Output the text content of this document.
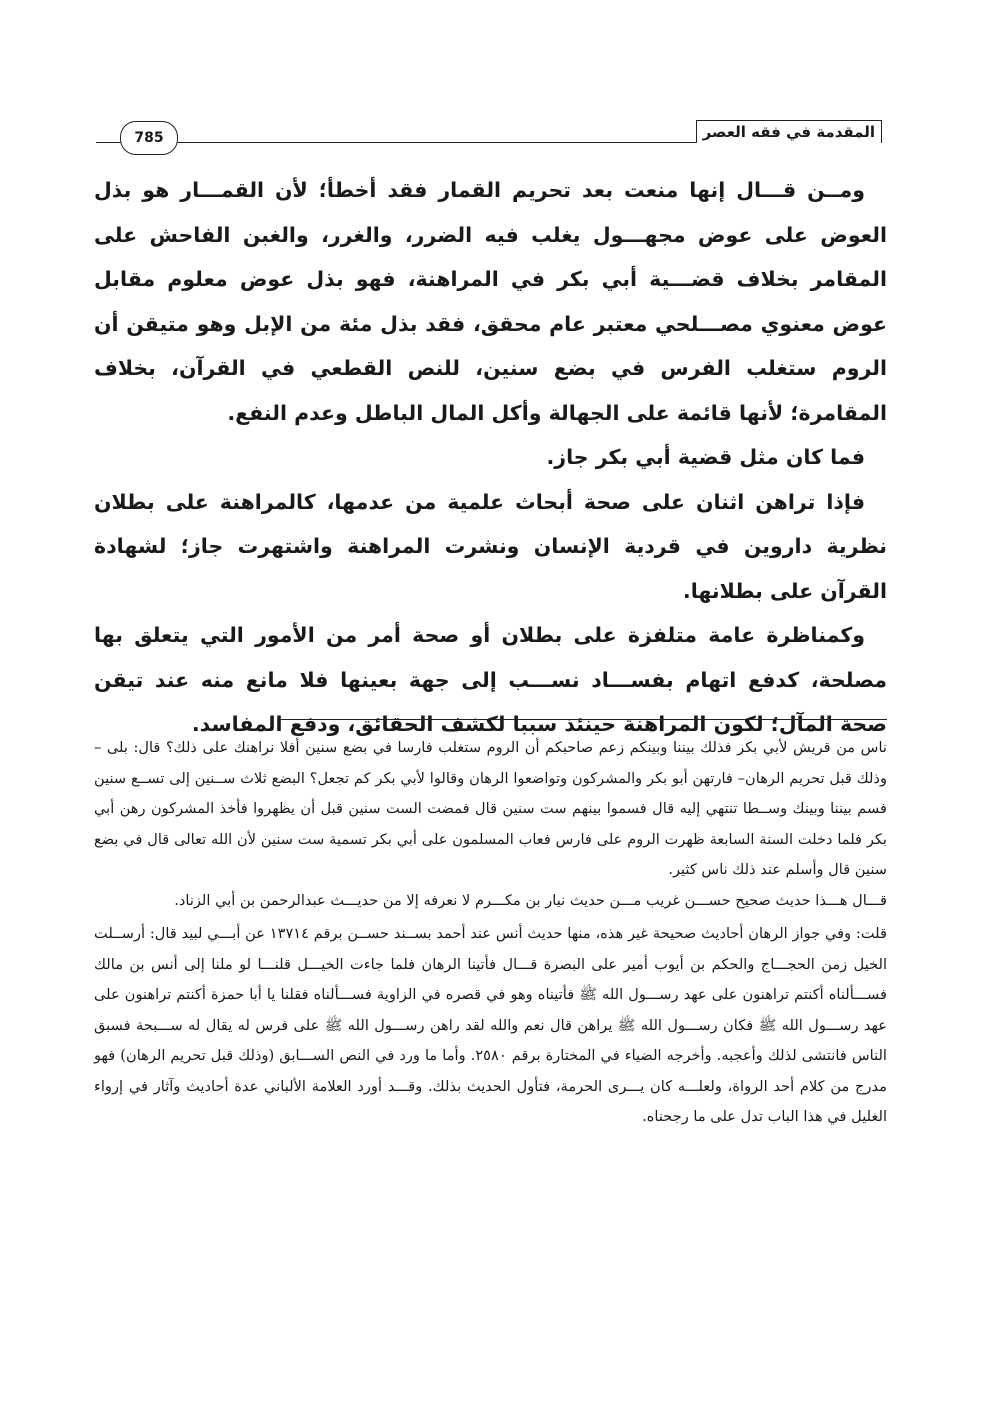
المقدمة في فقه العصر
785

ومــن قـــال إنها منعت بعد تحريم القمار فقد أخطأ؛ لأن القمـــار هو بذل العوض على عوض مجهـــول يغلب فيه الضرر، والغرر، والغبن الفاحش على المقامر بخلاف قضـــية أبي بكر في المراهنة، فهو بذل عوض معلوم مقابل عوض معنوي مصـــلحي معتبر عام محقق، فقد بذل مئة من الإبل وهو متيقن أن الروم ستغلب الفرس في بضع سنين، للنص القطعي في القرآن، بخلاف المقامرة؛ لأنها قائمة على الجهالة وأكل المال الباطل وعدم النفع.

فما كان مثل قضية أبي بكر جاز.

فإذا تراهن اثنان على صحة أبحاث علمية من عدمها، كالمراهنة على بطلان نظرية داروين في قردية الإنسان ونشرت المراهنة واشتهرت جاز؛ لشهادة القرآن على بطلانها.

وكمناظرة عامة متلفزة على بطلان أو صحة أمر من الأمور التي يتعلق بها مصلحة، كدفع اتهام بفســـاد نســـب إلى جهة بعينها فلا مانع منه عند تيقن صحة المآل؛ لكون المراهنة حينئذ سببا لكشف الحقائق، ودفع المفاسد.

ناس من قريش لأبي بكر فذلك بيننا وبينكم زعم صاحبكم أن الروم ستغلب فارسا في بضع سنين أفلا نراهنك على ذلك؟ قال: بلى –وذلك قبل تحريم الرهان– فارتهن أبو بكر والمشركون وتواضعوا الرهان وقالوا لأبي بكر كم تجعل؟ البضع ثلاث ســنين إلى تســع سنين فسم بيننا وبينك وســطا تنتهي إليه قال فسموا بينهم ست سنين قال فمضت الست سنين قبل أن يظهروا فأخذ المشركون رهن أبي بكر فلما دخلت السنة السابعة ظهرت الروم على فارس فعاب المسلمون على أبي بكر تسمية ست سنين لأن الله تعالى قال في بضع سنين قال وأسلم عند ذلك ناس كثير.

قـــال هـــذا حديث صحيح حســـن غريب مـــن حديث نيار بن مكـــرم لا نعرفه إلا من حديـــث عبدالرحمن بن أبي الزناد.

قلت: وفي جواز الرهان أحاديث صحيحة غير هذه، منها حديث أنس عند أحمد بســند حســن برقم ١٣٧١٤ عن أبـــي لبيد قال: أرســلت الخيل زمن الحجـــاج والحكم بن أيوب أمير على البصرة قـــال فأتينا الرهان فلما جاءت الخيـــل قلنـــا لو ملنا إلى أنس بن مالك فســـألناه أكنتم تراهنون على عهد رســـول الله ﷺ فأتيناه وهو في قصره في الزاوية فســـألناه فقلنا يا أبا حمزة أكنتم تراهنون على عهد رســـول الله ﷺ فكان رســـول الله ﷺ يراهن قال نعم والله لقد راهن رســـول الله ﷺ على فرس له يقال له ســـبحة فسبق الناس فانتشى لذلك وأعجبه. وأخرجه الضياء في المختارة برقم ٢٥٨٠. وأما ما ورد في النص الســـابق (وذلك قبل تحريم الرهان) فهو مدرج من كلام أحد الرواة، ولعلـــه كان يـــرى الحرمة، فتأول الحديث بذلك. وقـــد أورد العلامة الألباني عدة أحاديث وآثار في إرواء الغليل في هذا الباب تدل على ما رجحناه.
